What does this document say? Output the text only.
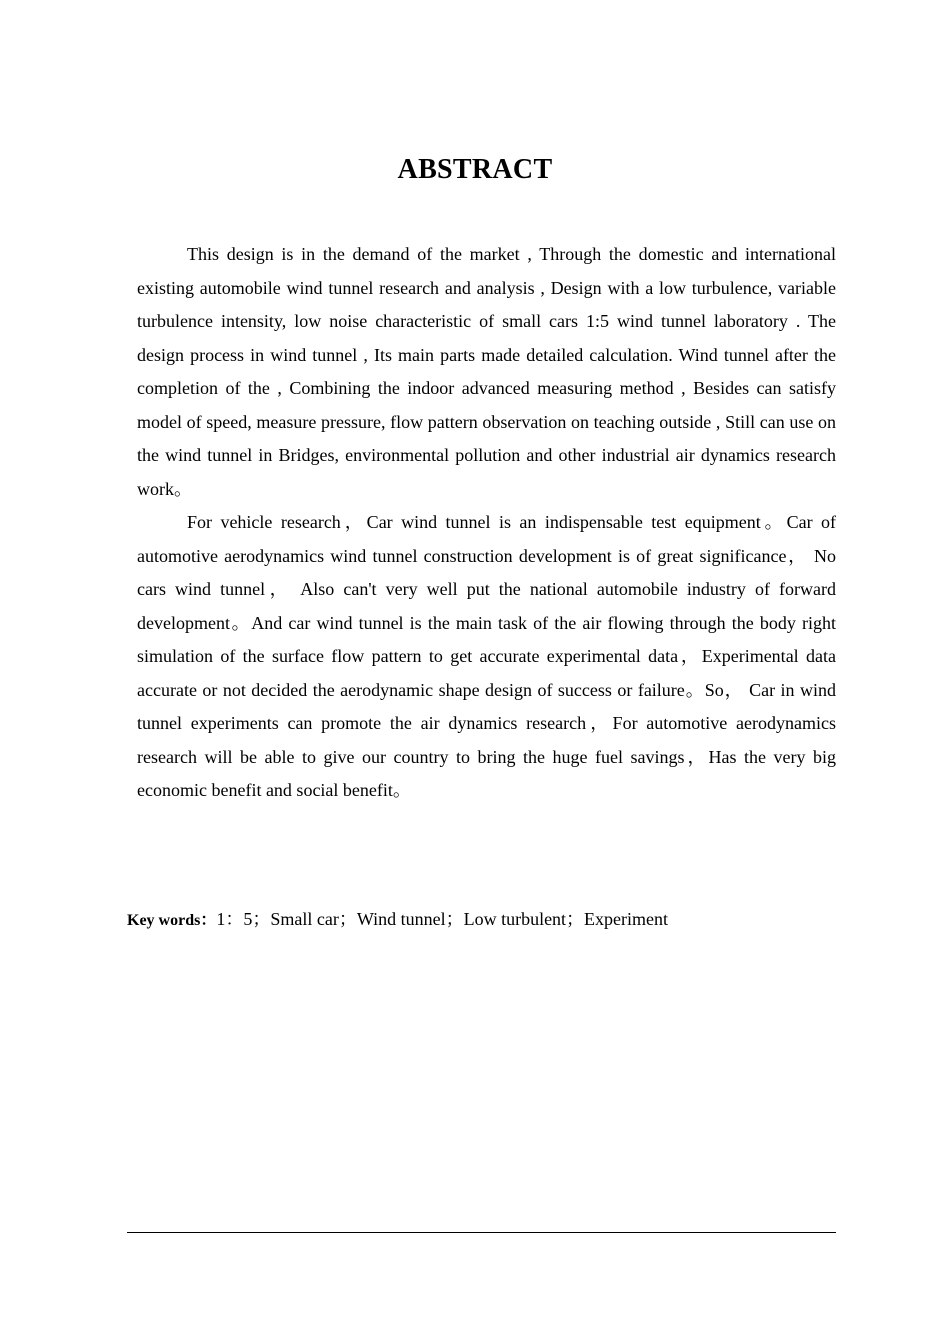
ABSTRACT

This design is in the demand of the market , Through the domestic and international existing automobile wind tunnel research and analysis , Design with a low turbulence, variable turbulence intensity, low noise characteristic of small cars 1:5 wind tunnel laboratory . The design process in wind tunnel , Its main parts made detailed calculation. Wind tunnel after the completion of the , Combining the indoor advanced measuring method , Besides can satisfy model of speed, measure pressure, flow pattern observation on teaching outside , Still can use on the wind tunnel in Bridges, environmental pollution and other industrial air dynamics research work。

For vehicle research，Car wind tunnel is an indispensable test equipment。Car of automotive aerodynamics wind tunnel construction development is of great significance， No cars wind tunnel， Also can't very well put the national automobile industry of forward development。And car wind tunnel is the main task of the air flowing through the body right simulation of the surface flow pattern to get accurate experimental data，Experimental data accurate or not decided the aerodynamic shape design of success or failure。So， Car in wind tunnel experiments can promote the air dynamics research，For automotive aerodynamics research will be able to give our country to bring the huge fuel savings，Has the very big economic benefit and social benefit。

Key words：1：5；Small car；Wind tunnel；Low turbulent；Experiment
